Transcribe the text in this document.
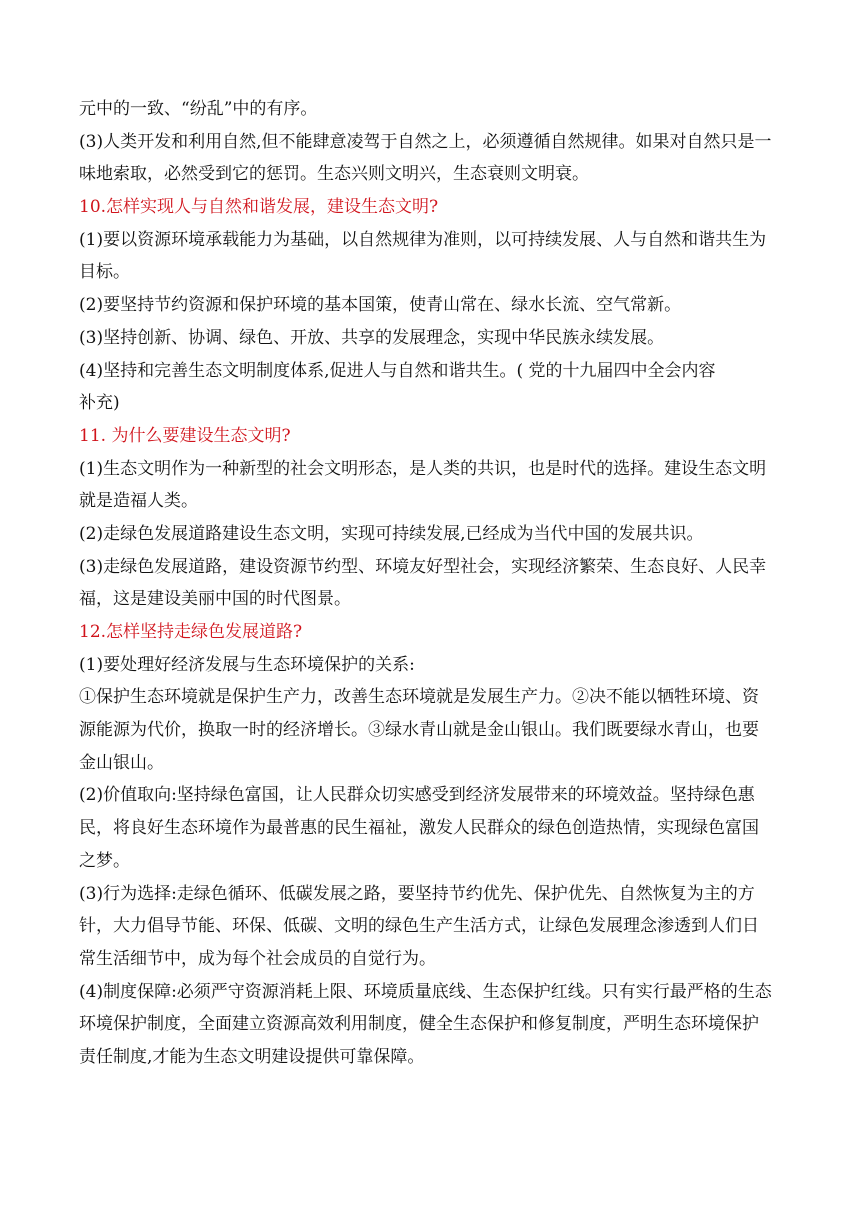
元中的一致、“纷乱”中的有序。
(3)人类开发和利用自然,但不能肆意凌驾于自然之上，必须遵循自然规律。如果对自然只是一
味地索取，必然受到它的惩罚。生态兴则文明兴，生态衰则文明衰。
10.怎样实现人与自然和谐发展，建设生态文明?
(1)要以资源环境承载能力为基础，以自然规律为准则，以可持续发展、人与自然和谐共生为
目标。
(2)要坚持节约资源和保护环境的基本国策，使青山常在、绿水长流、空气常新。
(3)坚持创新、协调、绿色、开放、共享的发展理念，实现中华民族永续发展。
(4)坚持和完善生态文明制度体系,促进人与自然和谐共生。( 党的十九届四中全会内容
补充)
11. 为什么要建设生态文明?
(1)生态文明作为一种新型的社会文明形态，是人类的共识，也是时代的选择。建设生态文明
就是造福人类。
(2)走绿色发展道路建设生态文明，实现可持续发展,已经成为当代中国的发展共识。
(3)走绿色发展道路，建设资源节约型、环境友好型社会，实现经济繁荣、生态良好、人民幸
福，这是建设美丽中国的时代图景。
12.怎样坚持走绿色发展道路?
(1)要处理好经济发展与生态环境保护的关系:
①保护生态环境就是保护生产力，改善生态环境就是发展生产力。②决不能以牺牲环境、资
源能源为代价，换取一时的经济增长。③绿水青山就是金山银山。我们既要绿水青山，也要
金山银山。
(2)价值取向:坚持绿色富国，让人民群众切实感受到经济发展带来的环境效益。坚持绿色惠
民，将良好生态环境作为最普惠的民生福祉，激发人民群众的绿色创造热情，实现绿色富国
之梦。
(3)行为选择:走绿色循环、低碳发展之路，要坚持节约优先、保护优先、自然恢复为主的方
针，大力倡导节能、环保、低碳、文明的绿色生产生活方式，让绿色发展理念渗透到人们日
常生活细节中，成为每个社会成员的自觉行为。
(4)制度保障:必须严守资源消耗上限、环境质量底线、生态保护红线。只有实行最严格的生态
环境保护制度，全面建立资源高效利用制度，健全生态保护和修复制度，严明生态环境保护
责任制度,才能为生态文明建设提供可靠保障。
